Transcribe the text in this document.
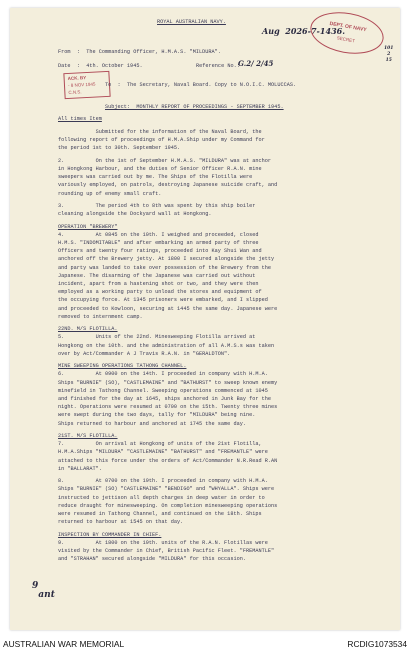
ROYAL AUSTRALIAN NAVY.
Aug  2026-7-1436.
101
2
15
DEPT. OF NAVY
SECRET
From  :  The Commanding Officer, H.M.A.S. "MILDURA".
Date  :  4th. October 1945.	Reference No.:
G.2/ 2/45
ACK. BY
- 8 NOV 1945
C.N.S.
To  :  The Secretary, Naval Board. Copy to N.O.I.C. MOLUCCAS.
Subject:  MONTHLY REPORT OF PROCEEDINGS - SEPTEMBER 1945.
All times Item
Submitted for the information of the Naval Board, the
following report of proceedings of H.M.A.Ship under my Command for
the period 1st to 30th. September 1945.
2.          On the 1st of September H.M.A.S. "MILDURA" was at anchor
in Hongkong Harbour, and the duties of Senior Officer R.A.N. mine
sweepers was carried out by me. The Ships of the Flotilla were
variously employed, on patrols, destroying Japanese suicide craft, and
rounding up of enemy small craft.
3.          The period 4th to 8th was spent by this ship boiler
cleaning alongside the Dockyard wall at Hongkong.
OPERATION "BREWERY"
4.          At 0845 on the 10th. I weighed and proceeded, closed
H.M.S. "INDOMITABLE" and after embarking an armed party of three
Officers and twenty four ratings, proceeded into Kay Shui Wan and
anchored off the Brewery jetty. At 1800 I secured alongside the jetty
and party was landed to take over possession of the Brewery from the
Japanese. The disarming of the Japanese was carried out without
incident, apart from a hastening shot or two, and they were then
employed as a working party to unload the stores and equipment of
the occupying force. At 1345 prisoners were embarked, and I slipped
and proceeded to Kowloon, securing at 1445 the same day. Japanese were
removed to internment camp.
22ND. M/S FLOTILLA.
5.          Units of the 22nd. Minesweeping Flotilla arrived at
Hongkong on the 10th. and the administration of all A.M.S.s was taken
over by Act/Commander A J Travis R.A.N. in "GERALDTON".
MINE SWEEPING OPERATIONS TATHONG CHANNEL.
6.          At 0900 on the 14th. I proceeded in company with H.M.A.
Ships "BURNIE" (SO), "CASTLEMAINE" and "BATHURST" to sweep known enemy
minefield in Tathong Channel. Sweeping operations commenced at 1045
and finished for the day at 1645, ships anchored in Junk Bay for the
night. Operations were resumed at 0700 on the 15th. Twenty three mines
were swept during the two days, tally for "MILDURA" being nine.
Ships returned to harbour and anchored at 1745 the same day.
21ST. M/S FLOTILLA.
7.          On arrival at Hongkong of units of the 21st Flotilla,
H.M.A.Ships "MILDURA" "CASTLEMAINE" "BATHURST" and "FREMANTLE" were
attached to this force under the orders of Act/Commander N.R.Read R.AN
in "BALLARAT".
8.          At 0700 on the 19th. I proceeded in company with H.M.A.
Ships "BURNIE" (SO) "CASTLEMAINE" "BENDIGO" and "WHYALLA". Ships were
instructed to jettison all depth charges in deep water in order to
reduce draught for minesweeping. On completion minesweeping operations
were resumed in Tathong Channel, and continued on the 18th. Ships
returned to harbour at 1545 on that day.
INSPECTION BY COMMANDER IN CHIEF.
9.          At 1800 on the 19th. units of the R.A.N. Flotillas were
visited by the Commander in Chief, British Pacific Fleet. "FREMANTLE"
and "STRAHAN" secured alongside "MILDURA" for this occasion.
9
ant
AUSTRALIAN WAR MEMORIAL	RCDIG1073534
